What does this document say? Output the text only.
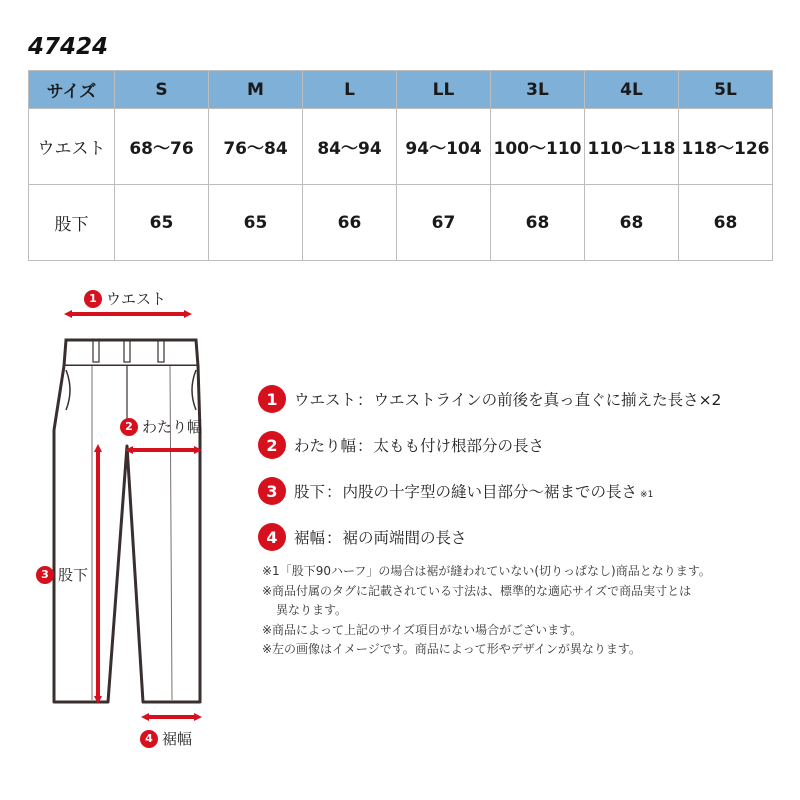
47424
サイズ	S	M	L	LL	3L	4L	5L
ウエスト	68〜76	76〜84	84〜94	94〜104	100〜110	110〜118	118〜126
股下	65	65	66	67	68	68	68
1 ウエスト
2 わたり幅
3 股下
4 裾幅
1	ウエスト：ウエストラインの前後を真っ直ぐに揃えた長さ×2
2	わたり幅：太もも付け根部分の長さ
3	股下：内股の十字型の縫い目部分〜裾までの長さ ※1
4	裾幅：裾の両端間の長さ
※1「股下90ハーフ」の場合は裾が縫われていない(切りっぱなし)商品となります。
※商品付属のタグに記載されている寸法は、標準的な適応サイズで商品実寸とは
異なります。
※商品によって上記のサイズ項目がない場合がございます。
※左の画像はイメージです。商品によって形やデザインが異なります。
